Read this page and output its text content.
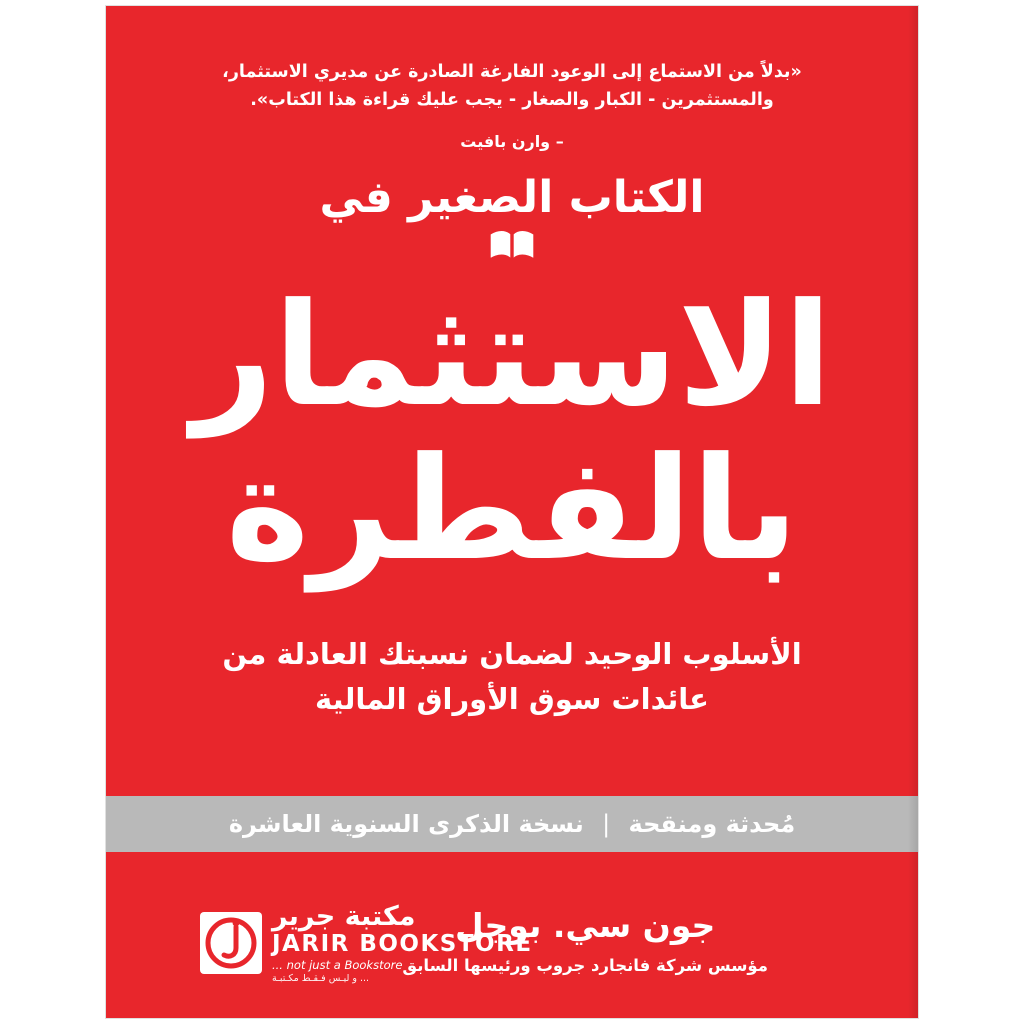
«بدلاً من الاستماع إلى الوعود الفارغة الصادرة عن مديري الاستثمار، والمستثمرين - الكبار والصغار - يجب عليك قراءة هذا الكتاب».
– وارن بافيت
الكتاب الصغير في
الاستثمار
بالفطرة
الأسلوب الوحيد لضمان نسبتك العادلة من عائدات سوق الأوراق المالية
مُحدثة ومنقحة | نسخة الذكرى السنوية العاشرة
جون سي. بوجل
مؤسس شركة فانجارد جروب ورئيسها السابق
مكتبة جرير
JARIR BOOKSTORE
... not just a Bookstore
... و ليـس فـقـط مكـتبـة
